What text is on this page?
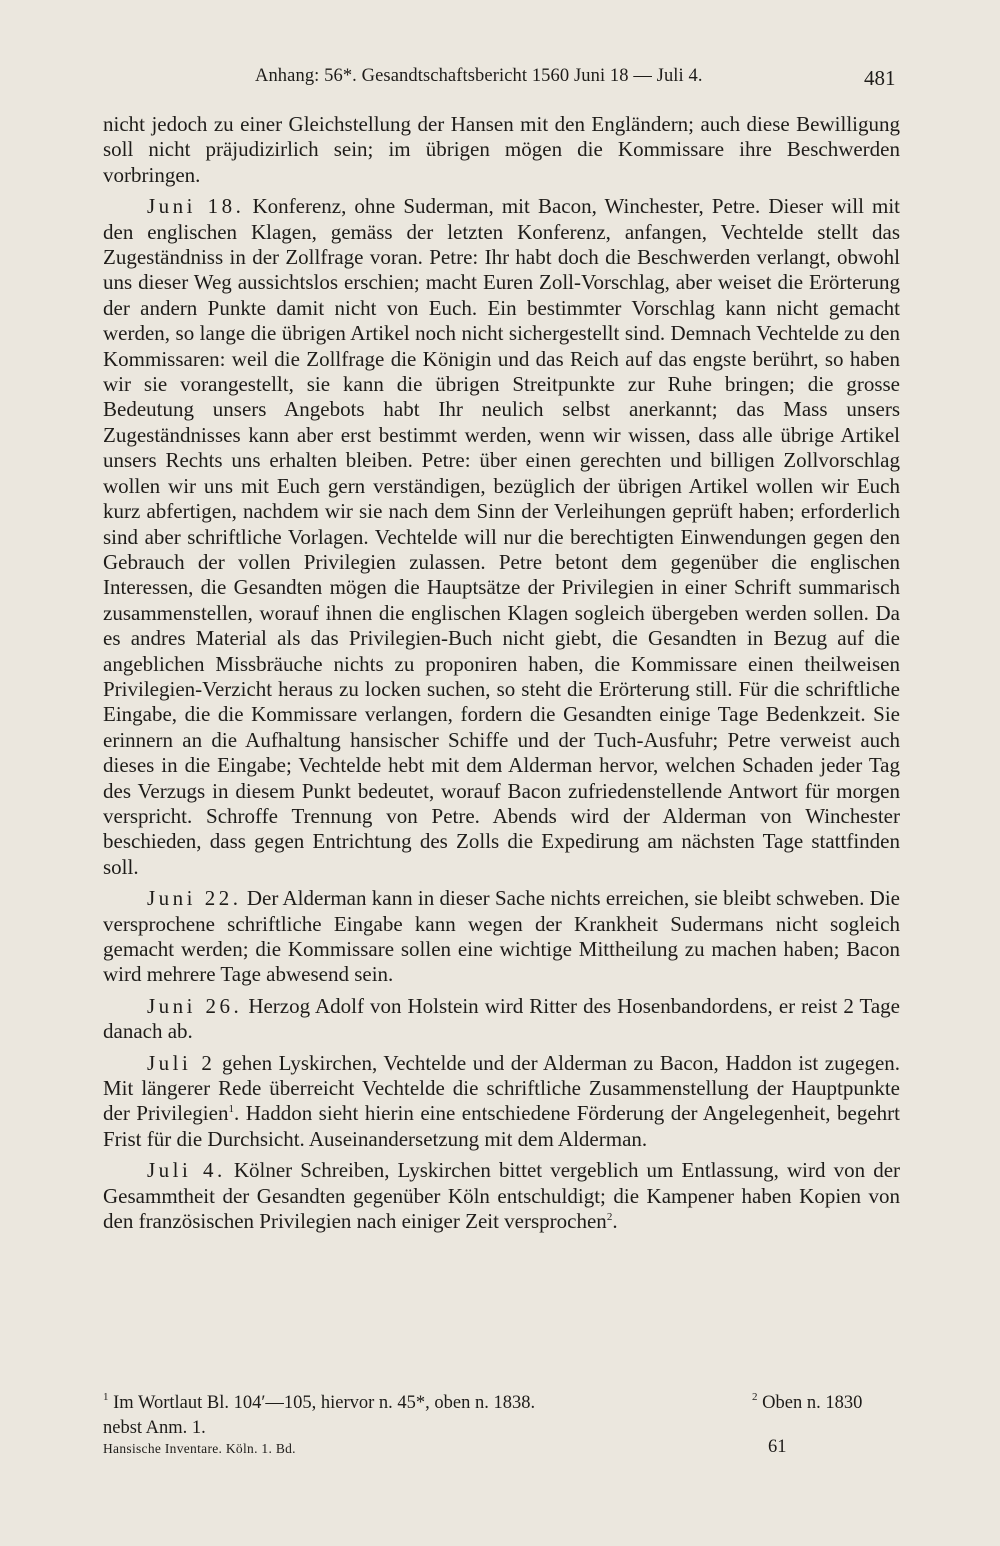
Anhang: 56*. Gesandtschaftsbericht 1560 Juni 18 — Juli 4.	481

nicht jedoch zu einer Gleichstellung der Hansen mit den Engländern; auch diese Bewilligung soll nicht präjudizirlich sein; im übrigen mögen die Kommissare ihre Beschwerden vorbringen.

Juni 18. Konferenz, ohne Suderman, mit Bacon, Winchester, Petre. Dieser will mit den englischen Klagen, gemäss der letzten Konferenz, anfangen, Vechtelde stellt das Zugeständniss in der Zollfrage voran. Petre: Ihr habt doch die Beschwerden verlangt, obwohl uns dieser Weg aussichtslos erschien; macht Euren Zoll-Vorschlag, aber weiset die Erörterung der andern Punkte damit nicht von Euch. Ein bestimmter Vorschlag kann nicht gemacht werden, so lange die übrigen Artikel noch nicht sichergestellt sind. Demnach Vechtelde zu den Kommissaren: weil die Zollfrage die Königin und das Reich auf das engste berührt, so haben wir sie vorangestellt, sie kann die übrigen Streitpunkte zur Ruhe bringen; die grosse Bedeutung unsers Angebots habt Ihr neulich selbst anerkannt; das Mass unsers Zugeständnisses kann aber erst bestimmt werden, wenn wir wissen, dass alle übrige Artikel unsers Rechts uns erhalten bleiben. Petre: über einen gerechten und billigen Zollvorschlag wollen wir uns mit Euch gern verständigen, bezüglich der übrigen Artikel wollen wir Euch kurz abfertigen, nachdem wir sie nach dem Sinn der Verleihungen geprüft haben; erforderlich sind aber schriftliche Vorlagen. Vechtelde will nur die berechtigten Einwendungen gegen den Gebrauch der vollen Privilegien zulassen. Petre betont dem gegenüber die englischen Interessen, die Gesandten mögen die Hauptsätze der Privilegien in einer Schrift summarisch zusammenstellen, worauf ihnen die englischen Klagen sogleich übergeben werden sollen. Da es andres Material als das Privilegien-Buch nicht giebt, die Gesandten in Bezug auf die angeblichen Missbräuche nichts zu proponiren haben, die Kommissare einen theilweisen Privilegien-Verzicht heraus zu locken suchen, so steht die Erörterung still. Für die schriftliche Eingabe, die die Kommissare verlangen, fordern die Gesandten einige Tage Bedenkzeit. Sie erinnern an die Aufhaltung hansischer Schiffe und der Tuch-Ausfuhr; Petre verweist auch dieses in die Eingabe; Vechtelde hebt mit dem Alderman hervor, welchen Schaden jeder Tag des Verzugs in diesem Punkt bedeutet, worauf Bacon zufriedenstellende Antwort für morgen verspricht. Schroffe Trennung von Petre. Abends wird der Alderman von Winchester beschieden, dass gegen Entrichtung des Zolls die Expedirung am nächsten Tage stattfinden soll.

Juni 22. Der Alderman kann in dieser Sache nichts erreichen, sie bleibt schweben. Die versprochene schriftliche Eingabe kann wegen der Krankheit Sudermans nicht sogleich gemacht werden; die Kommissare sollen eine wichtige Mittheilung zu machen haben; Bacon wird mehrere Tage abwesend sein.

Juni 26. Herzog Adolf von Holstein wird Ritter des Hosenbandordens, er reist 2 Tage danach ab.

Juli 2 gehen Lyskirchen, Vechtelde und der Alderman zu Bacon, Haddon ist zugegen. Mit längerer Rede überreicht Vechtelde die schriftliche Zusammenstellung der Hauptpunkte der Privilegien$^1$. Haddon sieht hierin eine entschiedene Förderung der Angelegenheit, begehrt Frist für die Durchsicht. Auseinandersetzung mit dem Alderman.

Juli 4. Kölner Schreiben, Lyskirchen bittet vergeblich um Entlassung, wird von der Gesammtheit der Gesandten gegenüber Köln entschuldigt; die Kampener haben Kopien von den französischen Privilegien nach einiger Zeit versprochen$^2$.

$^1$ Im Wortlaut Bl. 104′—105, hiervor n. 45*, oben n. 1838.	$^2$ Oben n. 1830
nebst Anm. 1.
Hansische Inventare. Köln. 1. Bd.	61
